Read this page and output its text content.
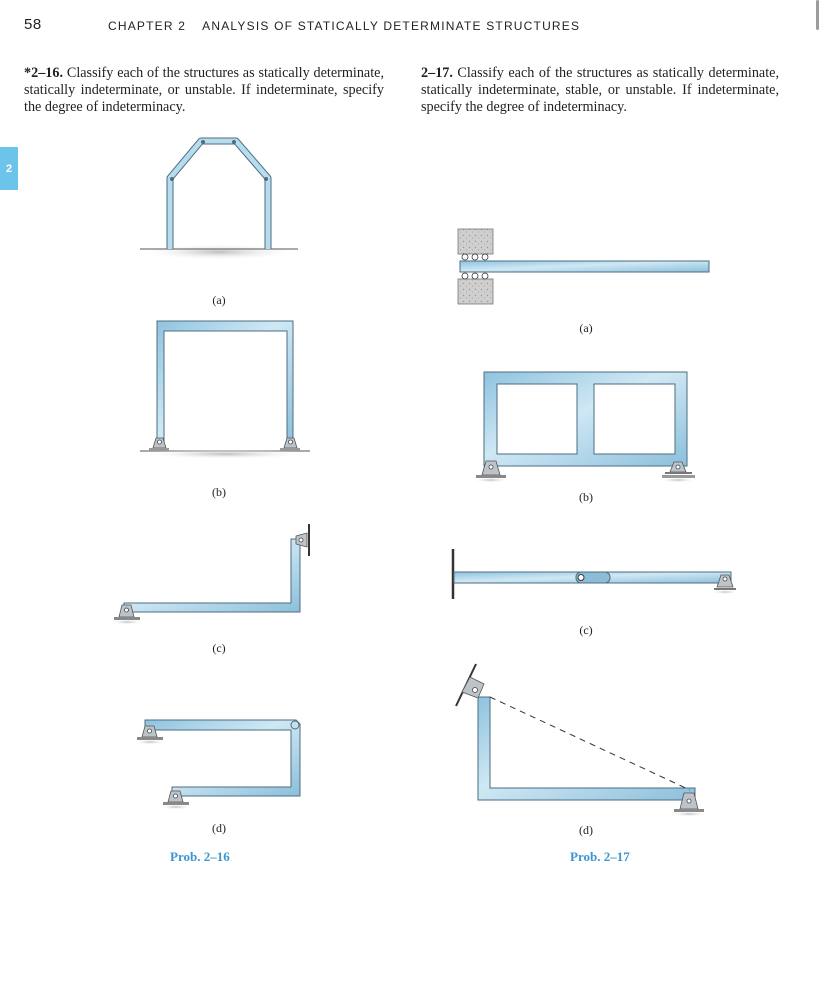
58	CHAPTER 2 ANALYSIS OF STATICALLY DETERMINATE STRUCTURES
2
*2–16. Classify each of the structures as statically determinate, statically indeterminate, or unstable. If indeterminate, specify the degree of indeterminacy.
2–17. Classify each of the structures as statically determinate, statically indeterminate, stable, or unstable. If indeterminate, specify the degree of indeterminacy.
(a)
(b)
(c)
(d)
Prob. 2–16
(a)
(b)
(c)
(d)
Prob. 2–17
